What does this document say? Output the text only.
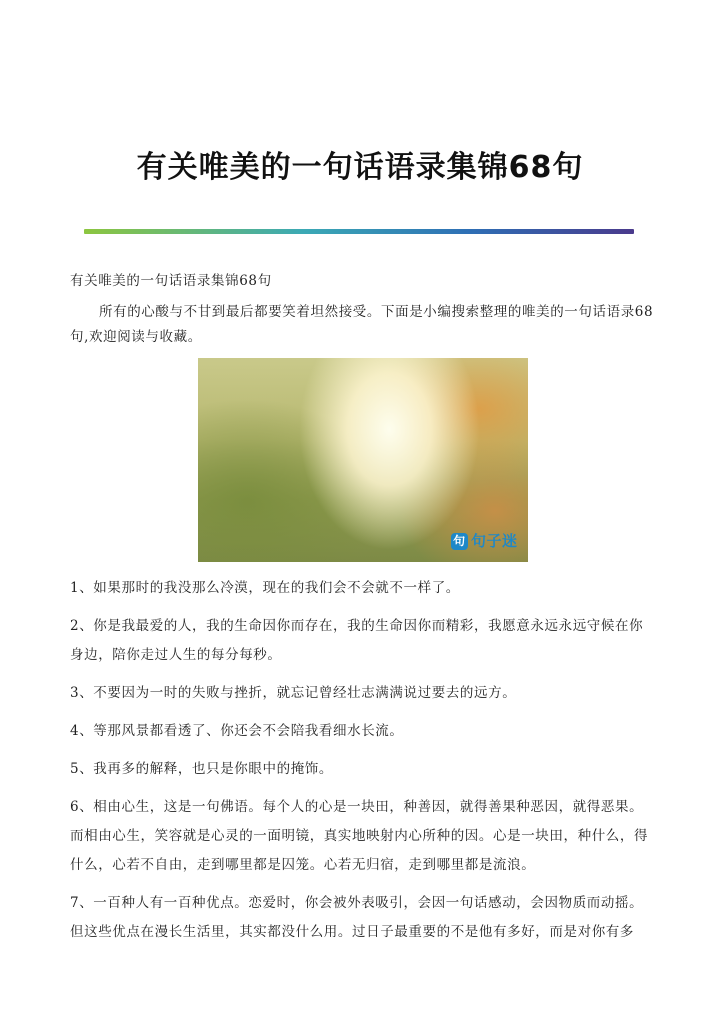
有关唯美的一句话语录集锦68句

有关唯美的一句话语录集锦68句

所有的心酸与不甘到最后都要笑着坦然接受。下面是小编搜索整理的唯美的一句话语录68句,欢迎阅读与收藏。

句 句子迷
1、如果那时的我没那么冷漠，现在的我们会不会就不一样了。
2、你是我最爱的人，我的生命因你而存在，我的生命因你而精彩，我愿意永远永远守候在你身边，陪你走过人生的每分每秒。
3、不要因为一时的失败与挫折，就忘记曾经壮志满满说过要去的远方。
4、等那风景都看透了、你还会不会陪我看细水长流。
5、我再多的解释，也只是你眼中的掩饰。
6、相由心生，这是一句佛语。每个人的心是一块田，种善因，就得善果种恶因，就得恶果。而相由心生，笑容就是心灵的一面明镜，真实地映射内心所种的因。心是一块田，种什么，得什么，心若不自由，走到哪里都是囚笼。心若无归宿，走到哪里都是流浪。
7、一百种人有一百种优点。恋爱时，你会被外表吸引，会因一句话感动，会因物质而动摇。但这些优点在漫长生活里，其实都没什么用。过日子最重要的不是他有多好，而是对你有多
